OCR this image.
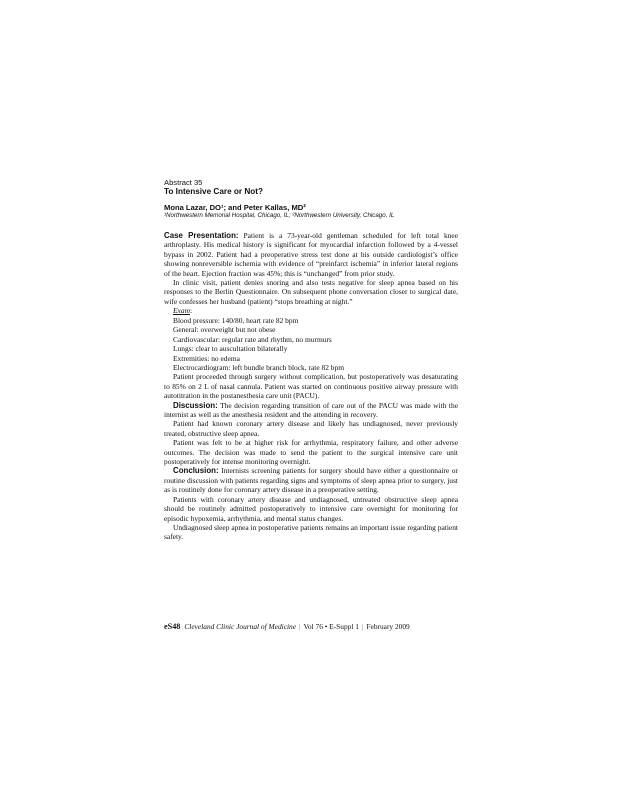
Abstract 35
To Intensive Care or Not?
Mona Lazar, DO¹; and Peter Kallas, MD²
¹Northwestern Memorial Hospital, Chicago, IL; ²Northwestern University, Chicago, IL

Case Presentation: Patient is a 73-year-old gentleman scheduled for left total knee arthroplasty. His medical history is significant for myocardial infarction followed by a 4-vessel bypass in 2002. Patient had a preoperative stress test done at his outside cardiologist’s office showing nonreversible ischemia with evidence of “preinfarct ischemia” in inferior lateral regions of the heart. Ejection fraction was 45%; this is “unchanged” from prior study.

In clinic visit, patient denies snoring and also tests negative for sleep apnea based on his responses to the Berlin Questionnaire. On subsequent phone conversation closer to surgical date, wife confesses her husband (patient) “stops breathing at night.”

Exam:
Blood pressure: 140/80, heart rate 82 bpm
General: overweight but not obese
Cardiovascular: regular rate and rhythm, no murmurs
Lungs: clear to auscultation bilaterally
Extremities: no edema
Electrocardiogram: left bundle branch block, rate 82 bpm

Patient proceeded through surgery without complication, but postoperatively was desaturating to 85% on 2 L of nasal cannula. Patient was started on continuous positive airway pressure with autotitration in the postanesthesia care unit (PACU).

Discussion: The decision regarding transition of care out of the PACU was made with the internist as well as the anesthesia resident and the attending in recovery.

Patient had known coronary artery disease and likely has undiagnosed, never previously treated, obstructive sleep apnea.

Patient was felt to be at higher risk for arrhythmia, respiratory failure, and other adverse outcomes. The decision was made to send the patient to the surgical intensive care unit postoperatively for intense monitoring overnight.

Conclusion: Internists screening patients for surgery should have either a questionnaire or routine discussion with patients regarding signs and symptoms of sleep apnea prior to surgery, just as is routinely done for coronary artery disease in a preoperative setting.

Patients with coronary artery disease and undiagnosed, untreated obstructive sleep apnea should be routinely admitted postoperatively to intensive care overnight for monitoring for episodic hypoxemia, arrhythmia, and mental status changes.

Undiagnosed sleep apnea in postoperative patients remains an important issue regarding patient safety.

eS48 Cleveland Clinic Journal of Medicine | Vol 76 • E-Suppl 1 | February 2009
